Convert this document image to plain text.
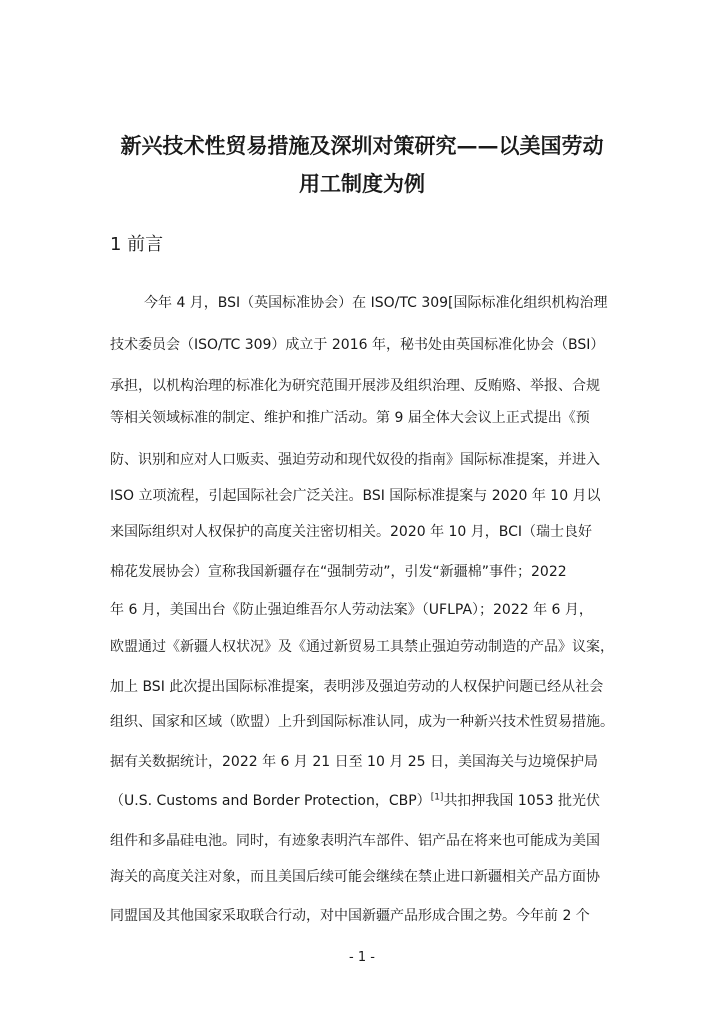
新兴技术性贸易措施及深圳对策研究——以美国劳动
用工制度为例
1 前言
今年 4 月，BSI（英国标准协会）在 ISO/TC 309[国际标准化组织机构治理
技术委员会（ISO/TC 309）成立于 2016 年，秘书处由英国标准化协会（BSI）
承担，以机构治理的标准化为研究范围开展涉及组织治理、反贿赂、举报、合规
等相关领域标准的制定、维护和推广活动。第 9 届全体大会议上正式提出《预
防、识别和应对人口贩卖、强迫劳动和现代奴役的指南》国际标准提案，并进入
ISO 立项流程，引起国际社会广泛关注。BSI 国际标准提案与 2020 年 10 月以
来国际组织对人权保护的高度关注密切相关。2020 年 10 月，BCI（瑞士良好
棉花发展协会）宣称我国新疆存在“强制劳动”，引发“新疆棉”事件；2022
年 6 月，美国出台《防止强迫维吾尔人劳动法案》（UFLPA）；2022 年 6 月，
欧盟通过《新疆人权状况》及《通过新贸易工具禁止强迫劳动制造的产品》议案，
加上 BSI 此次提出国际标准提案，表明涉及强迫劳动的人权保护问题已经从社会
组织、国家和区域（欧盟）上升到国际标准认同，成为一种新兴技术性贸易措施。
据有关数据统计，2022 年 6 月 21 日至 10 月 25 日，美国海关与边境保护局
（U.S. Customs and Border Protection，CBP）[1]共扣押我国 1053 批光伏
组件和多晶硅电池。同时，有迹象表明汽车部件、铝产品在将来也可能成为美国
海关的高度关注对象，而且美国后续可能会继续在禁止进口新疆相关产品方面协
同盟国及其他国家采取联合行动，对中国新疆产品形成合围之势。今年前 2 个
- 1 -
